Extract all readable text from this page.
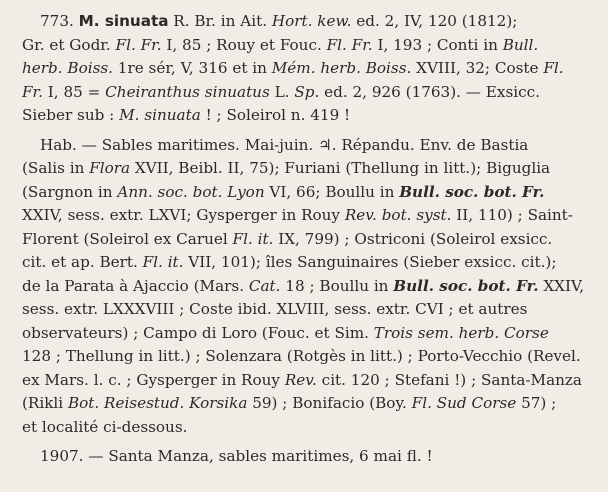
773. M. sinuata R. Br. in Ait. Hort. kew. ed. 2, IV, 120 (1812);
Gr. et Godr. Fl. Fr. I, 85 ; Rouy et Fouc. Fl. Fr. I, 193 ; Conti in Bull.
herb. Boiss. 1re sér, V, 316 et in Mém. herb. Boiss. XVIII, 32; Coste Fl.
Fr. I, 85 = Cheiranthus sinuatus L. Sp. ed. 2, 926 (1763). — Exsicc.
Sieber sub : M. sinuata ! ; Soleirol n. 419 !
Hab. — Sables maritimes. Mai-juin. ♃. Répandu. Env. de Bastia
(Salis in Flora XVII, Beibl. II, 75); Furiani (Thellung in litt.); Biguglia
(Sargnon in Ann. soc. bot. Lyon VI, 66; Boullu in Bull. soc. bot. Fr.
XXIV, sess. extr. LXVI; Gysperger in Rouy Rev. bot. syst. II, 110) ; Saint-
Florent (Soleirol ex Caruel Fl. it. IX, 799) ; Ostriconi (Soleirol exsicc.
cit. et ap. Bert. Fl. it. VII, 101); îles Sanguinaires (Sieber exsicc. cit.);
de la Parata à Ajaccio (Mars. Cat. 18 ; Boullu in Bull. soc. bot. Fr. XXIV,
sess. extr. LXXXVIII ; Coste ibid. XLVIII, sess. extr. CVI ; et autres
observateurs) ; Campo di Loro (Fouc. et Sim. Trois sem. herb. Corse
128 ; Thellung in litt.) ; Solenzara (Rotgès in litt.) ; Porto-Vecchio (Revel.
ex Mars. l. c. ; Gysperger in Rouy Rev. cit. 120 ; Stefani !) ; Santa-Manza
(Rikli Bot. Reisestud. Korsika 59) ; Bonifacio (Boy. Fl. Sud Corse 57) ;
et localité ci-dessous.
1907. — Santa Manza, sables maritimes, 6 mai fl. !
